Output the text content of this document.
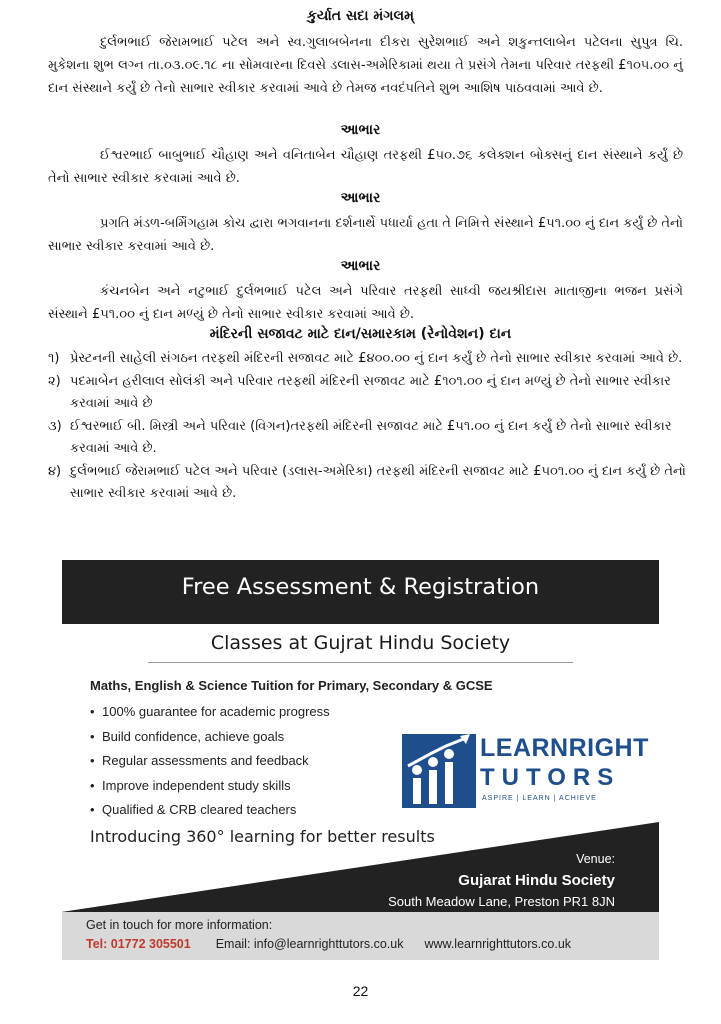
કુર્યાત સદા મંગલમ્
દુર્લભભાઈ જેરામભાઈ પટેલ અને સ્વ.ગુલાબબેનના દીકરા સુરેશભાઈ અને શકુન્તલાબેન પટેલના સુપુત્ર ચિ. મુકેશના શુભ લગ્ન તા.૦૩.૦૯.૧૮ ના સોમવારના દિવસે ડલાસ-અમેરિકામાં થયા તે પ્રસંગે તેમના પરિવાર તરફથી £૧૦૫.૦૦ નું દાન સંસ્થાને કર્યું છે તેનો સાભાર સ્વીકાર કરવામાં આવે છે તેમજ નવદંપતિને શુભ આશિષ પાઠવવામાં આવે છે.
આભાર
ઈશ્વરભાઈ બાબુભાઈ ચૌહાણ અને વનિતાબેન ચૌહાણ તરફથી £૫૦.૭૬ કલેક્શન બોક્સનું દાન સંસ્થાને કર્યું છે તેનો સાભાર સ્વીકાર કરવામાં આવે છે.
આભાર
પ્રગતિ મંડળ-બર્મિંગહામ કોચ દ્વારા ભગવાનના દર્શનાર્થે પધાર્યા હતા તે નિમિત્તે સંસ્થાને £૫૧.૦૦ નું દાન કર્યું છે તેનો સાભાર સ્વીકાર કરવામાં આવે છે.
આભાર
કંચનબેન અને નટુભાઈ દુર્લભભાઈ પટેલ અને પરિવાર તરફથી સાધ્વી જયશ્રીદાસ માતાજીના ભજન પ્રસંગે સંસ્થાને £૫૧.૦૦ નું દાન મળ્યું છે તેનો સાભાર સ્વીકાર કરવામાં આવે છે.
મંદિરની સજાવટ માટે દાન/સમારકામ (રેનોવેશન) દાન
૧) પ્રેસ્ટનની સાહેલી સંગઠન તરફથી મંદિરની સજાવટ માટે £૪૦૦.૦૦ નું દાન કર્યું છે તેનો સાભાર સ્વીકાર કરવામાં આવે છે.
૨) પદમાબેન હરીલાલ સોલંકી અને પરિવાર તરફથી મંદિરની સજાવટ માટે £૧૦૧.૦૦ નું દાન મળ્યું છે તેનો સાભાર સ્વીકાર કરવામાં આવે છે
૩) ઈશ્વરભાઈ બી. મિસ્ત્રી અને પરિવાર (વિગન)તરફથી મંદિરની સજાવટ માટે £૫૧.૦૦ નું દાન કર્યું છે તેનો સાભાર સ્વીકાર કરવામાં આવે છે.
૪) દુર્લભભાઈ જેરામભાઈ પટેલ અને પરિવાર (ડલાસ-અમેરિકા) તરફથી મંદિરની સજાવટ માટે £૫૦૧.૦૦ નું દાન કર્યું છે તેનો સાભાર સ્વીકાર કરવામાં આવે છે.
Free Assessment & Registration
Classes at Gujrat Hindu Society
Maths, English & Science Tuition for Primary, Secondary & GCSE
• 100% guarantee for academic progress
• Build confidence, achieve goals
• Regular assessments and feedback
• Improve independent study skills
• Qualified & CRB cleared teachers
LEARNRIGHT
TUTORS
ASPIRE | LEARN | ACHIEVE
Introducing 360° learning for better results
Venue:
Gujarat Hindu Society
South Meadow Lane, Preston PR1 8JN
Get in touch for more information:
Tel: 01772 305501 Email: info@learnrighttutors.co.uk www.learnrighttutors.co.uk
22
